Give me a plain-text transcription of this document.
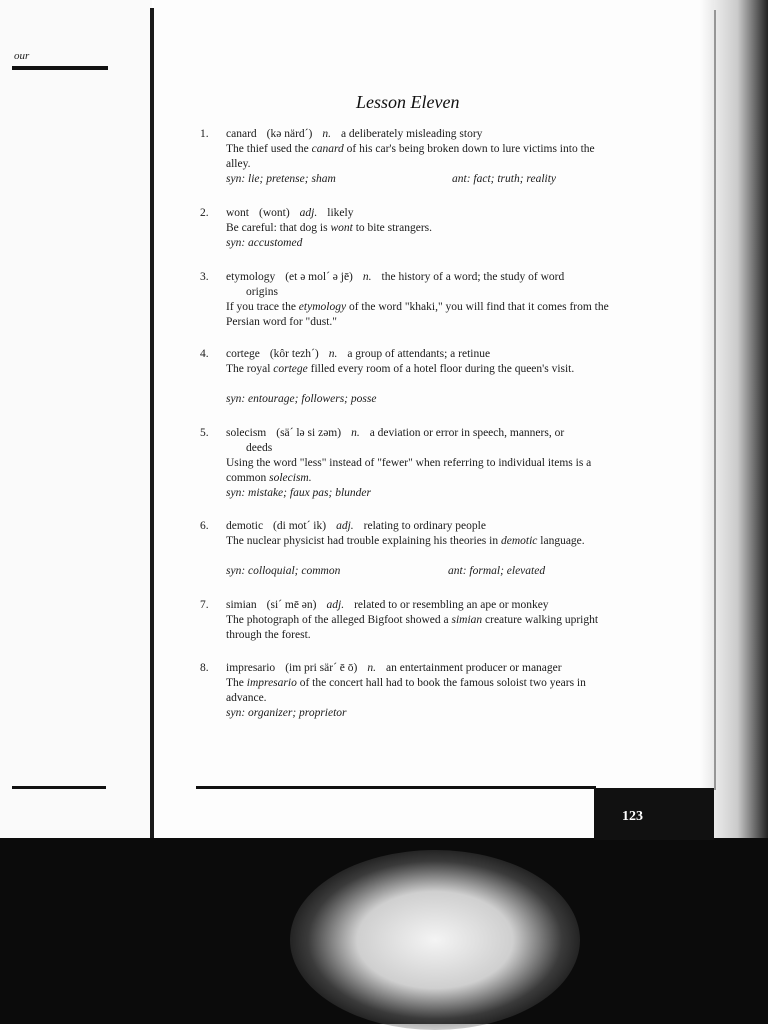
our
Lesson Eleven
1.	canard (kə närd´) n. a deliberately misleading story
The thief used the canard of his car's being broken down to lure victims into the alley.
syn: lie; pretense; sham	ant: fact; truth; reality
2.	wont (wont) adj. likely
Be careful: that dog is wont to bite strangers.
syn: accustomed
3.	etymology (et ə mol´ ə jē) n. the history of a word; the study of word
origins
If you trace the etymology of the word "khaki," you will find that it comes from the Persian word for "dust."
4.	cortege (kôr tezh´) n. a group of attendants; a retinue
The royal cortege filled every room of a hotel floor during the queen's visit.
syn: entourage; followers; posse
5.	solecism (sä´ lə si zəm) n. a deviation or error in speech, manners, or
deeds
Using the word "less" instead of "fewer" when referring to individual items is a common solecism.
syn: mistake; faux pas; blunder
6.	demotic (di mot´ ik) adj. relating to ordinary people
The nuclear physicist had trouble explaining his theories in demotic language.
syn: colloquial; common	ant: formal; elevated
7.	simian (si´ mē ən) adj. related to or resembling an ape or monkey
The photograph of the alleged Bigfoot showed a simian creature walking upright through the forest.
8.	impresario (im pri sär´ ē ō) n. an entertainment producer or manager
The impresario of the concert hall had to book the famous soloist two years in advance.
syn: organizer; proprietor
123
